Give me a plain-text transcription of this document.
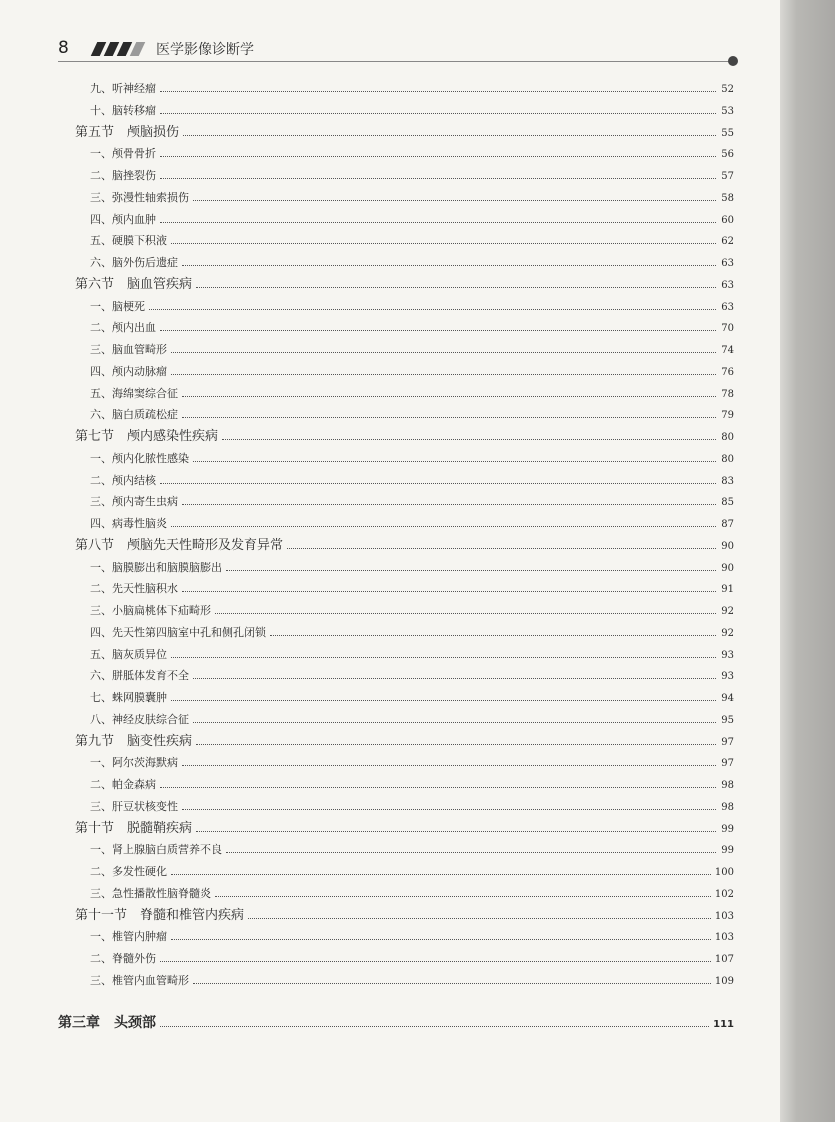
8	医学影像诊断学
九、听神经瘤	52
十、脑转移瘤	53
第五节　颅脑损伤	55
一、颅骨骨折	56
二、脑挫裂伤	57
三、弥漫性轴索损伤	58
四、颅内血肿	60
五、硬膜下积液	62
六、脑外伤后遗症	63
第六节　脑血管疾病	63
一、脑梗死	63
二、颅内出血	70
三、脑血管畸形	74
四、颅内动脉瘤	76
五、海绵窦综合征	78
六、脑白质疏松症	79
第七节　颅内感染性疾病	80
一、颅内化脓性感染	80
二、颅内结核	83
三、颅内寄生虫病	85
四、病毒性脑炎	87
第八节　颅脑先天性畸形及发育异常	90
一、脑膜膨出和脑膜脑膨出	90
二、先天性脑积水	91
三、小脑扁桃体下疝畸形	92
四、先天性第四脑室中孔和侧孔闭锁	92
五、脑灰质异位	93
六、胼胝体发育不全	93
七、蛛网膜囊肿	94
八、神经皮肤综合征	95
第九节　脑变性疾病	97
一、阿尔茨海默病	97
二、帕金森病	98
三、肝豆状核变性	98
第十节　脱髓鞘疾病	99
一、肾上腺脑白质营养不良	99
二、多发性硬化	100
三、急性播散性脑脊髓炎	102
第十一节　脊髓和椎管内疾病	103
一、椎管内肿瘤	103
二、脊髓外伤	107
三、椎管内血管畸形	109
第三章　头颈部	111
